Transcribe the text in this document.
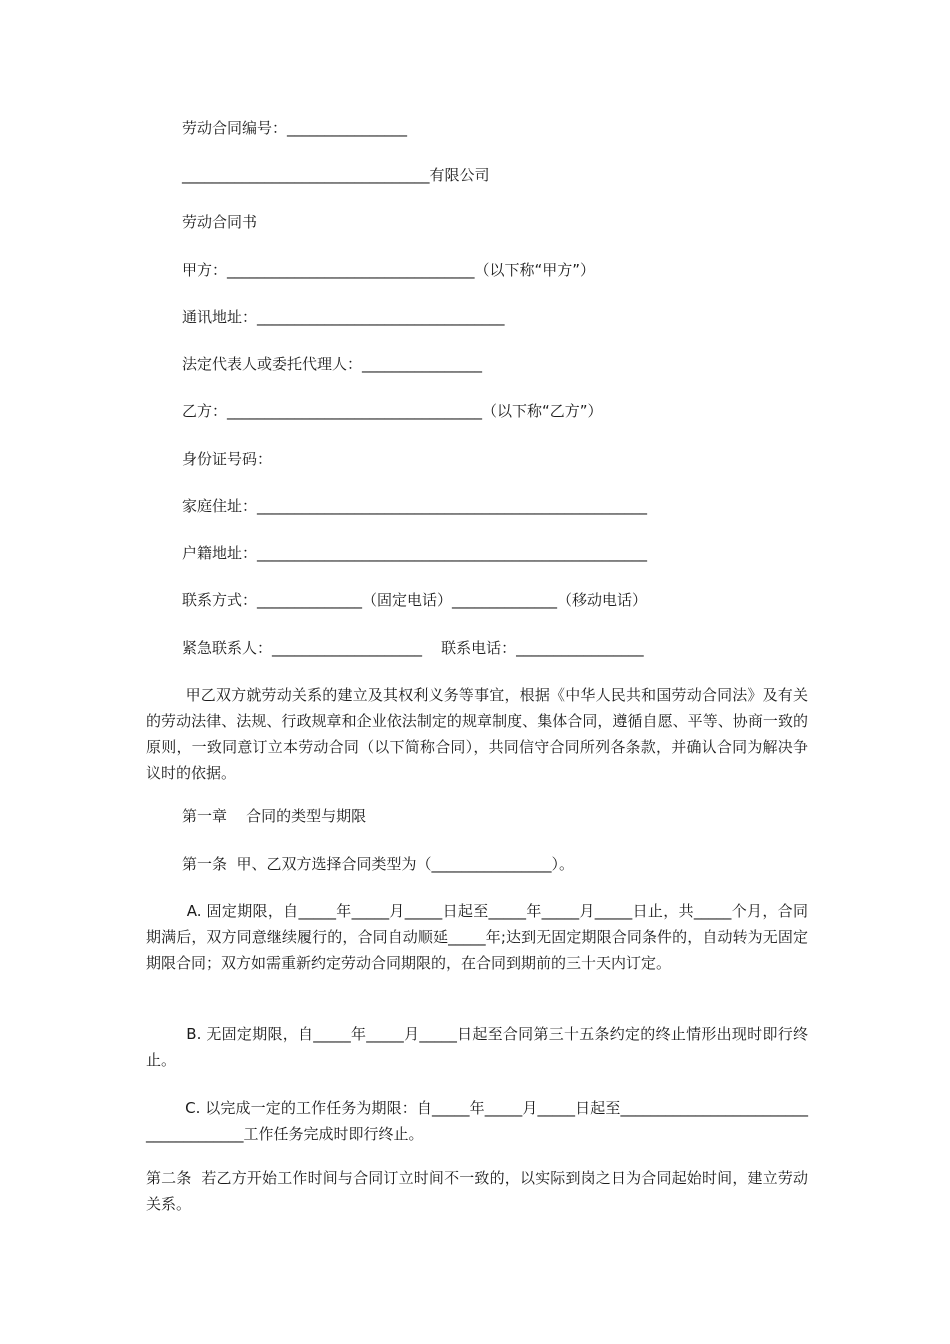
劳动合同编号：________________
_________________________________有限公司
劳动合同书
甲方：_________________________________（以下称“甲方”）
通讯地址：_________________________________
法定代表人或委托代理人：________________
乙方：__________________________________（以下称“乙方”）
身份证号码：
家庭住址：____________________________________________________
户籍地址：____________________________________________________
联系方式：______________（固定电话）______________（移动电话）
紧急联系人：____________________    联系电话：_________________
甲乙双方就劳动关系的建立及其权利义务等事宜，根据《中华人民共和国劳动合同法》及有关的劳动法律、法规、行政规章和企业依法制定的规章制度、集体合同，遵循自愿、平等、协商一致的原则，一致同意订立本劳动合同（以下简称合同），共同信守合同所列各条款，并确认合同为解决争议时的依据。
第一章    合同的类型与期限
第一条  甲、乙双方选择合同类型为（________________）。
A. 固定期限，自_____年_____月_____日起至_____年_____月_____日止，共_____个月，合同期满后，双方同意继续履行的，合同自动顺延_____年;达到无固定期限合同条件的，自动转为无固定期限合同；双方如需重新约定劳动合同期限的，在合同到期前的三十天内订定。
B. 无固定期限，自_____年_____月_____日起至合同第三十五条约定的终止情形出现时即行终止。
C. 以完成一定的工作任务为期限：自_____年_____月_____日起至______________________________________工作任务完成时即行终止。
第二条  若乙方开始工作时间与合同订立时间不一致的，以实际到岗之日为合同起始时间，建立劳动关系。
